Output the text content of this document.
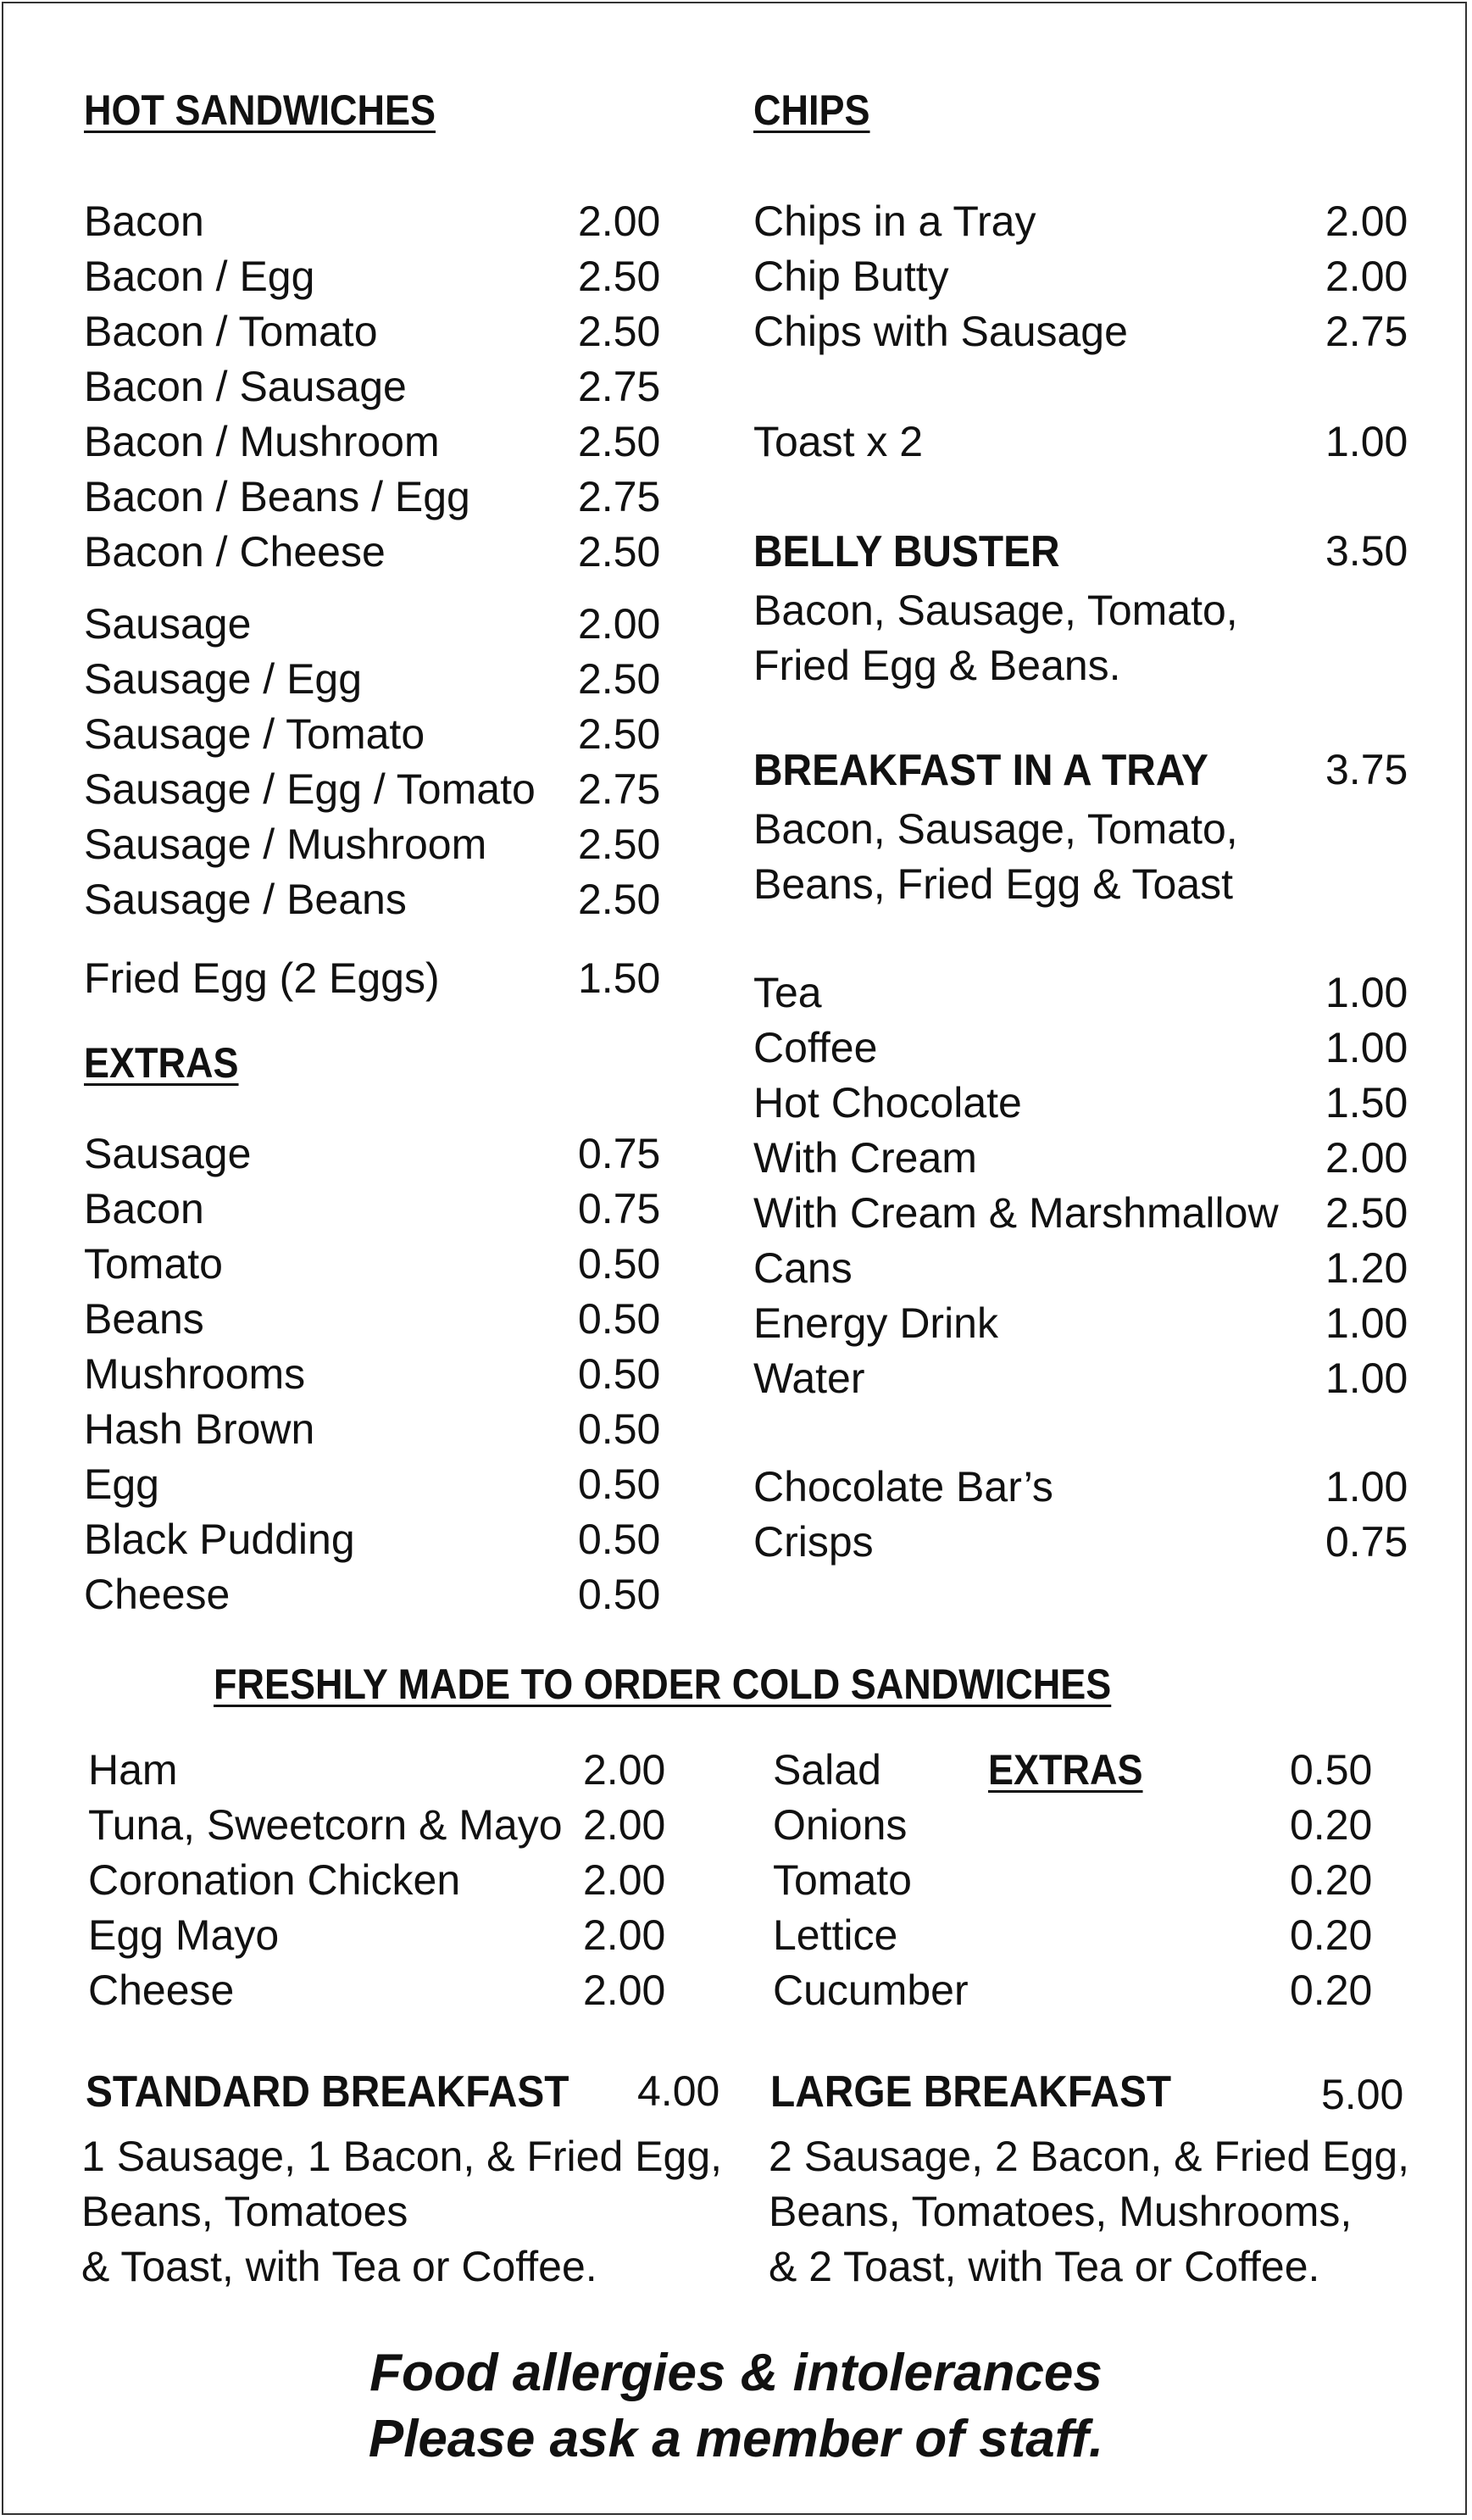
HOT SANDWICHES
Bacon	2.00
Bacon / Egg	2.50
Bacon / Tomato	2.50
Bacon / Sausage	2.75
Bacon / Mushroom	2.50
Bacon / Beans / Egg	2.75
Bacon / Cheese	2.50
Sausage	2.00
Sausage / Egg	2.50
Sausage / Tomato	2.50
Sausage / Egg / Tomato 2.75
Sausage / Mushroom 2.50
Sausage / Beans	2.50
Fried Egg (2 Eggs)	1.50
EXTRAS
Sausage	0.75
Bacon	0.75
Tomato	0.50
Beans	0.50
Mushrooms	0.50
Hash Brown	0.50
Egg	0.50
Black Pudding	0.50
Cheese	0.50
CHIPS
Chips in a Tray	2.00
Chip Butty	2.00
Chips with Sausage	2.75
Toast x 2	1.00
BELLY BUSTER	3.50
Bacon, Sausage, Tomato,
Fried Egg & Beans.
BREAKFAST IN A TRAY	3.75
Bacon, Sausage, Tomato,
Beans, Fried Egg & Toast
Tea	1.00
Coffee	1.00
Hot Chocolate	1.50
With Cream	2.00
With Cream & Marshmallow 2.50
Cans	1.20
Energy Drink	1.00
Water	1.00
Chocolate Bar’s	1.00
Crisps	0.75
FRESHLY MADE TO ORDER COLD SANDWICHES
Ham	2.00
Tuna, Sweetcorn & Mayo 2.00
Coronation Chicken	2.00
Egg Mayo	2.00
Cheese	2.00
EXTRAS
Salad	0.50
Onions	0.20
Tomato	0.20
Lettice	0.20
Cucumber	0.20
STANDARD BREAKFAST 4.00
1 Sausage, 1 Bacon, & Fried Egg,
Beans, Tomatoes
& Toast, with Tea or Coffee.
LARGE BREAKFAST	5.00
2 Sausage, 2 Bacon, & Fried Egg,
Beans, Tomatoes, Mushrooms,
& 2 Toast, with Tea or Coffee.
Food allergies & intolerances
Please ask a member of staff.
